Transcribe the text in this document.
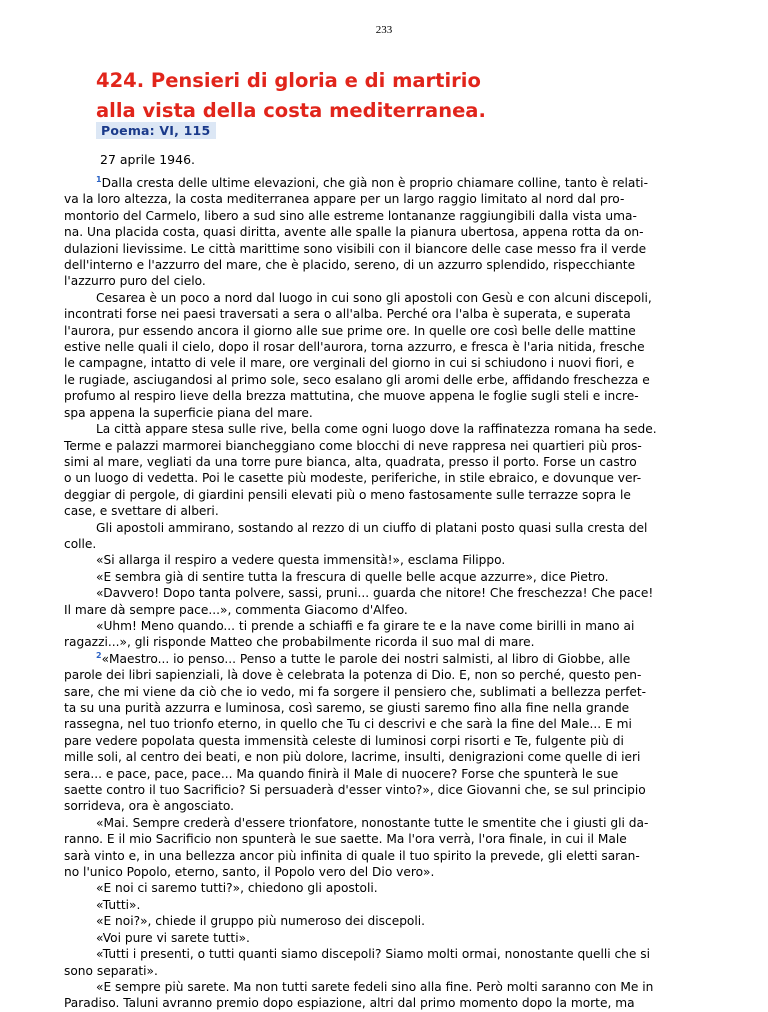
233
424. Pensieri di gloria e di martirio
alla vista della costa mediterranea.
Poema: VI, 115
27 aprile 1946.

$^1$Dalla cresta delle ultime elevazioni, che già non è proprio chiamare colline, tanto è relati-

va la loro altezza, la costa mediterranea appare per un largo raggio limitato al nord dal pro-

montorio del Carmelo, libero a sud sino alle estreme lontananze raggiungibili dalla vista uma-

na. Una placida costa, quasi diritta, avente alle spalle la pianura ubertosa, appena rotta da on-

dulazioni lievissime. Le città marittime sono visibili con il biancore delle case messo fra il verde

dell'interno e l'azzurro del mare, che è placido, sereno, di un azzurro splendido, rispecchiante

l'azzurro puro del cielo.

Cesarea è un poco a nord dal luogo in cui sono gli apostoli con Gesù e con alcuni discepoli,

incontrati forse nei paesi traversati a sera o all'alba. Perché ora l'alba è superata, e superata

l'aurora, pur essendo ancora il giorno alle sue prime ore. In quelle ore così belle delle mattine

estive nelle quali il cielo, dopo il rosar dell'aurora, torna azzurro, e fresca è l'aria nitida, fresche

le campagne, intatto di vele il mare, ore verginali del giorno in cui si schiudono i nuovi fiori, e

le rugiade, asciugandosi al primo sole, seco esalano gli aromi delle erbe, affidando freschezza e

profumo al respiro lieve della brezza mattutina, che muove appena le foglie sugli steli e incre-

spa appena la superficie piana del mare.

La città appare stesa sulle rive, bella come ogni luogo dove la raffinatezza romana ha sede.

Terme e palazzi marmorei biancheggiano come blocchi di neve rappresa nei quartieri più pros-

simi al mare, vegliati da una torre pure bianca, alta, quadrata, presso il porto. Forse un castro

o un luogo di vedetta. Poi le casette più modeste, periferiche, in stile ebraico, e dovunque ver-

deggiar di pergole, di giardini pensili elevati più o meno fastosamente sulle terrazze sopra le

case, e svettare di alberi.

Gli apostoli ammirano, sostando al rezzo di un ciuffo di platani posto quasi sulla cresta del

colle.

«Si allarga il respiro a vedere questa immensità!», esclama Filippo.

«E sembra già di sentire tutta la frescura di quelle belle acque azzurre», dice Pietro.

«Davvero! Dopo tanta polvere, sassi, pruni... guarda che nitore! Che freschezza! Che pace!

Il mare dà sempre pace...», commenta Giacomo d'Alfeo.

«Uhm! Meno quando... ti prende a schiaffi e fa girare te e la nave come birilli in mano ai

ragazzi...», gli risponde Matteo che probabilmente ricorda il suo mal di mare.

$^2$«Maestro... io penso... Penso a tutte le parole dei nostri salmisti, al libro di Giobbe, alle

parole dei libri sapienziali, là dove è celebrata la potenza di Dio. E, non so perché, questo pen-

sare, che mi viene da ciò che io vedo, mi fa sorgere il pensiero che, sublimati a bellezza perfet-

ta su una purità azzurra e luminosa, così saremo, se giusti saremo fino alla fine nella grande

rassegna, nel tuo trionfo eterno, in quello che Tu ci descrivi e che sarà la fine del Male... E mi

pare vedere popolata questa immensità celeste di luminosi corpi risorti e Te, fulgente più di

mille soli, al centro dei beati, e non più dolore, lacrime, insulti, denigrazioni come quelle di ieri

sera... e pace, pace, pace... Ma quando finirà il Male di nuocere? Forse che spunterà le sue

saette contro il tuo Sacrificio? Si persuaderà d'esser vinto?», dice Giovanni che, se sul principio

sorrideva, ora è angosciato.

«Mai. Sempre crederà d'essere trionfatore, nonostante tutte le smentite che i giusti gli da-

ranno. E il mio Sacrificio non spunterà le sue saette. Ma l'ora verrà, l'ora finale, in cui il Male

sarà vinto e, in una bellezza ancor più infinita di quale il tuo spirito la prevede, gli eletti saran-

no l'unico Popolo, eterno, santo, il Popolo vero del Dio vero».

«E noi ci saremo tutti?», chiedono gli apostoli.

«Tutti».

«E noi?», chiede il gruppo più numeroso dei discepoli.

«Voi pure vi sarete tutti».

«Tutti i presenti, o tutti quanti siamo discepoli? Siamo molti ormai, nonostante quelli che si

sono separati».

«E sempre più sarete. Ma non tutti sarete fedeli sino alla fine. Però molti saranno con Me in

Paradiso. Taluni avranno premio dopo espiazione, altri dal primo momento dopo la morte, ma
